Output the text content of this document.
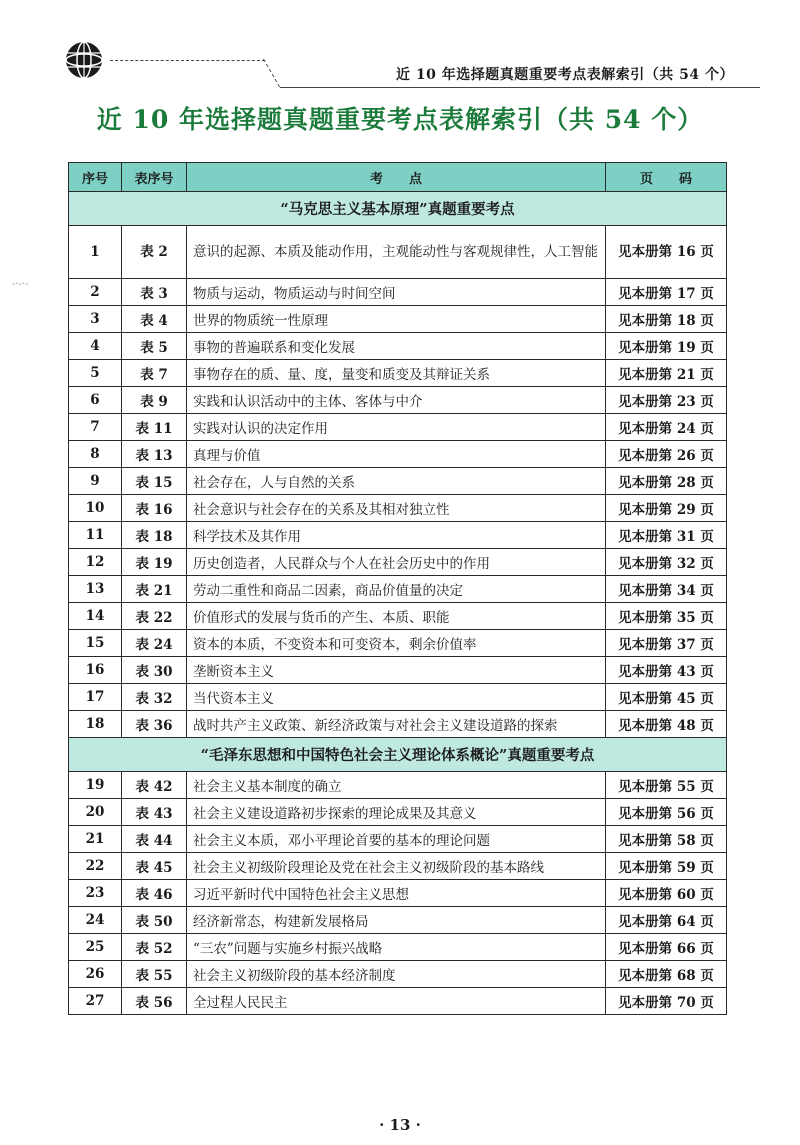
近 10 年选择题真题重要考点表解索引（共 54 个）
-·-·-
近 10 年选择题真题重要考点表解索引（共 54 个）
序号	表序号	考　　点	页　　码
“马克思主义基本原理”真题重要考点			
1	表 2	意识的起源、本质及能动作用，主观能动性与客观规律性，人工智能	见本册第 16 页
2	表 3	物质与运动，物质运动与时间空间	见本册第 17 页
3	表 4	世界的物质统一性原理	见本册第 18 页
4	表 5	事物的普遍联系和变化发展	见本册第 19 页
5	表 7	事物存在的质、量、度，量变和质变及其辩证关系	见本册第 21 页
6	表 9	实践和认识活动中的主体、客体与中介	见本册第 23 页
7	表 11	实践对认识的决定作用	见本册第 24 页
8	表 13	真理与价值	见本册第 26 页
9	表 15	社会存在，人与自然的关系	见本册第 28 页
10	表 16	社会意识与社会存在的关系及其相对独立性	见本册第 29 页
11	表 18	科学技术及其作用	见本册第 31 页
12	表 19	历史创造者，人民群众与个人在社会历史中的作用	见本册第 32 页
13	表 21	劳动二重性和商品二因素，商品价值量的决定	见本册第 34 页
14	表 22	价值形式的发展与货币的产生、本质、职能	见本册第 35 页
15	表 24	资本的本质，不变资本和可变资本，剩余价值率	见本册第 37 页
16	表 30	垄断资本主义	见本册第 43 页
17	表 32	当代资本主义	见本册第 45 页
18	表 36	战时共产主义政策、新经济政策与对社会主义建设道路的探索	见本册第 48 页
“毛泽东思想和中国特色社会主义理论体系概论”真题重要考点			
19	表 42	社会主义基本制度的确立	见本册第 55 页
20	表 43	社会主义建设道路初步探索的理论成果及其意义	见本册第 56 页
21	表 44	社会主义本质，邓小平理论首要的基本的理论问题	见本册第 58 页
22	表 45	社会主义初级阶段理论及党在社会主义初级阶段的基本路线	见本册第 59 页
23	表 46	习近平新时代中国特色社会主义思想	见本册第 60 页
24	表 50	经济新常态，构建新发展格局	见本册第 64 页
25	表 52	“三农”问题与实施乡村振兴战略	见本册第 66 页
26	表 55	社会主义初级阶段的基本经济制度	见本册第 68 页
27	表 56	全过程人民民主	见本册第 70 页
· 13 ·
